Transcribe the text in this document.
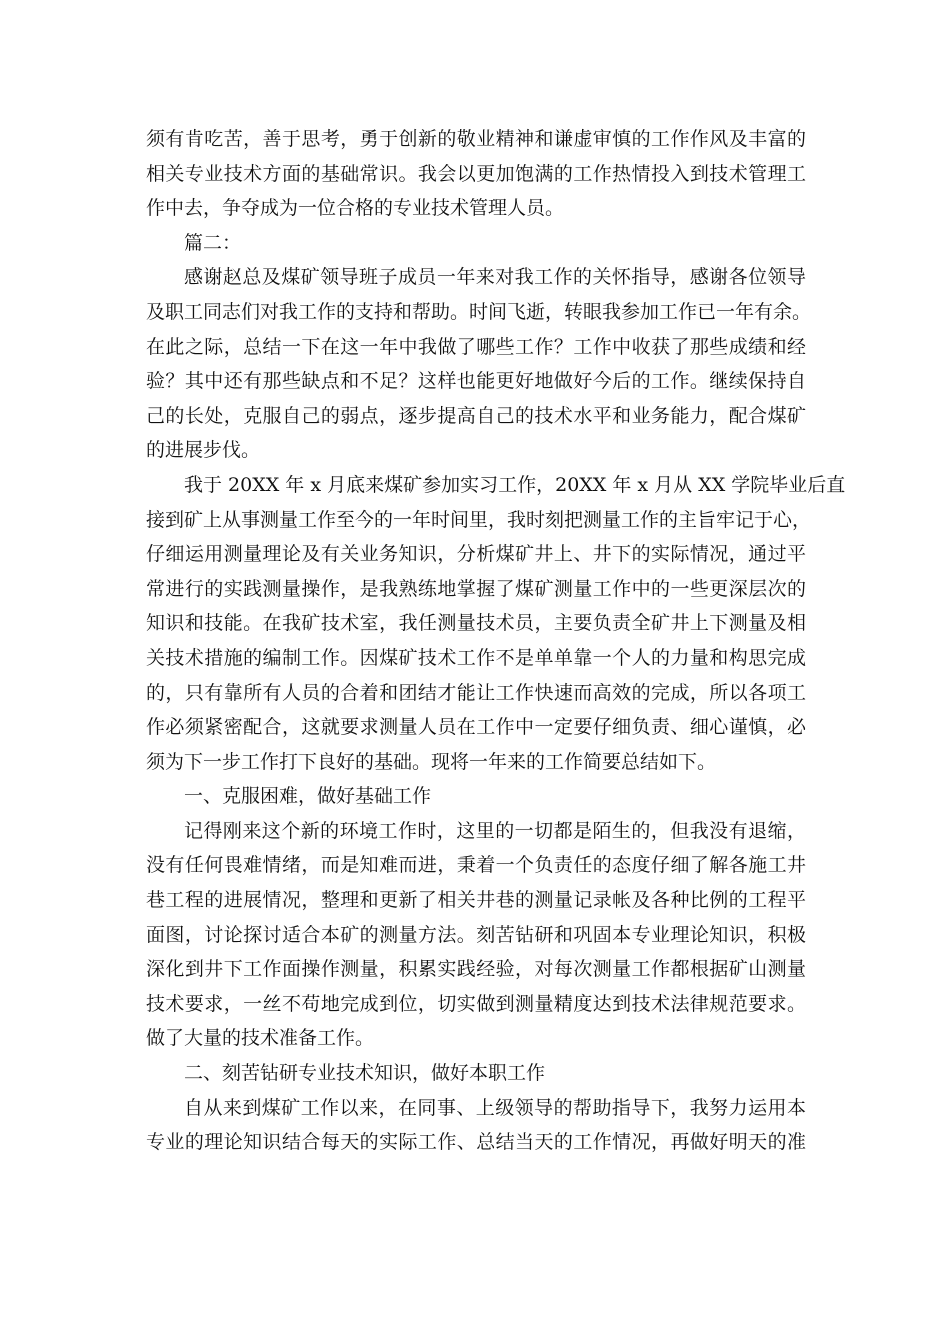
须有肯吃苦，善于思考，勇于创新的敬业精神和谦虚审慎的工作作风及丰富的
相关专业技术方面的基础常识。我会以更加饱满的工作热情投入到技术管理工
作中去，争夺成为一位合格的专业技术管理人员。
篇二：
感谢赵总及煤矿领导班子成员一年来对我工作的关怀指导，感谢各位领导
及职工同志们对我工作的支持和帮助。时间飞逝，转眼我参加工作已一年有余。
在此之际，总结一下在这一年中我做了哪些工作？工作中收获了那些成绩和经
验？其中还有那些缺点和不足？这样也能更好地做好今后的工作。继续保持自
己的长处，克服自己的弱点，逐步提高自己的技术水平和业务能力，配合煤矿
的进展步伐。
我于 20XX 年 x 月底来煤矿参加实习工作，20XX 年 x 月从 XX 学院毕业后直
接到矿上从事测量工作至今的一年时间里，我时刻把测量工作的主旨牢记于心，
仔细运用测量理论及有关业务知识，分析煤矿井上、井下的实际情况，通过平
常进行的实践测量操作，是我熟练地掌握了煤矿测量工作中的一些更深层次的
知识和技能。在我矿技术室，我任测量技术员，主要负责全矿井上下测量及相
关技术措施的编制工作。因煤矿技术工作不是单单靠一个人的力量和构思完成
的，只有靠所有人员的合着和团结才能让工作快速而高效的完成，所以各项工
作必须紧密配合，这就要求测量人员在工作中一定要仔细负责、细心谨慎，必
须为下一步工作打下良好的基础。现将一年来的工作简要总结如下。
一、克服困难，做好基础工作
记得刚来这个新的环境工作时，这里的一切都是陌生的，但我没有退缩，
没有任何畏难情绪，而是知难而进，秉着一个负责任的态度仔细了解各施工井
巷工程的进展情况，整理和更新了相关井巷的测量记录帐及各种比例的工程平
面图，讨论探讨适合本矿的测量方法。刻苦钻研和巩固本专业理论知识，积极
深化到井下工作面操作测量，积累实践经验，对每次测量工作都根据矿山测量
技术要求，一丝不苟地完成到位，切实做到测量精度达到技术法律规范要求。
做了大量的技术准备工作。
二、刻苦钻研专业技术知识，做好本职工作
自从来到煤矿工作以来，在同事、上级领导的帮助指导下，我努力运用本
专业的理论知识结合每天的实际工作、总结当天的工作情况，再做好明天的准
